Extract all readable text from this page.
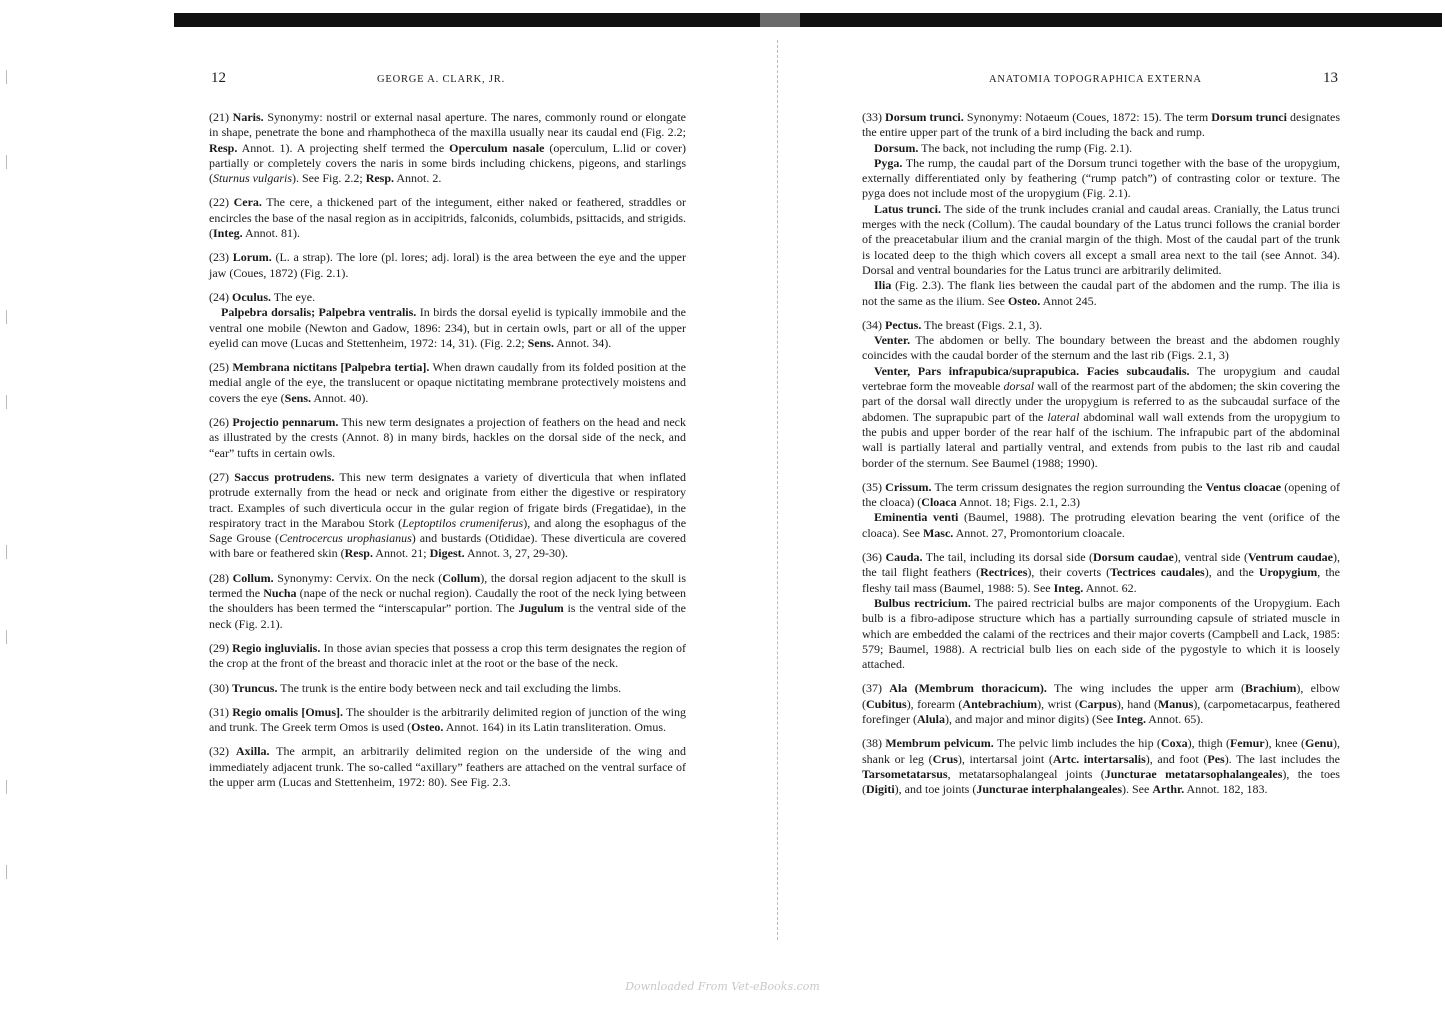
12	GEORGE A. CLARK, JR.

(21) Naris. Synonymy: nostril or external nasal aperture. The nares, commonly round or elongate in shape, penetrate the bone and rhamphotheca of the maxilla usually near its caudal end (Fig. 2.2; Resp. Annot. 1). A projecting shelf termed the Operculum nasale (operculum, L.lid or cover) partially or completely covers the naris in some birds including chickens, pigeons, and starlings (Sturnus vulgaris). See Fig. 2.2; Resp. Annot. 2.

(22) Cera. The cere, a thickened part of the integument, either naked or feathered, straddles or encircles the base of the nasal region as in accipitrids, falconids, columbids, psittacids, and strigids. (Integ. Annot. 81).

(23) Lorum. (L. a strap). The lore (pl. lores; adj. loral) is the area between the eye and the upper jaw (Coues, 1872) (Fig. 2.1).

(24) Oculus. The eye.

Palpebra dorsalis; Palpebra ventralis. In birds the dorsal eyelid is typically immobile and the ventral one mobile (Newton and Gadow, 1896: 234), but in certain owls, part or all of the upper eyelid can move (Lucas and Stettenheim, 1972: 14, 31). (Fig. 2.2; Sens. Annot. 34).

(25) Membrana nictitans [Palpebra tertia]. When drawn caudally from its folded position at the medial angle of the eye, the translucent or opaque nictitating membrane protectively moistens and covers the eye (Sens. Annot. 40).

(26) Projectio pennarum. This new term designates a projection of feathers on the head and neck as illustrated by the crests (Annot. 8) in many birds, hackles on the dorsal side of the neck, and “ear” tufts in certain owls.

(27) Saccus protrudens. This new term designates a variety of diverticula that when inflated protrude externally from the head or neck and originate from either the digestive or respiratory tract. Examples of such diverticula occur in the gular region of frigate birds (Fregatidae), in the respiratory tract in the Marabou Stork (Leptoptilos crumeniferus), and along the esophagus of the Sage Grouse (Centrocercus urophasianus) and bustards (Otididae). These diverticula are covered with bare or feathered skin (Resp. Annot. 21; Digest. Annot. 3, 27, 29-30).

(28) Collum. Synonymy: Cervix. On the neck (Collum), the dorsal region adjacent to the skull is termed the Nucha (nape of the neck or nuchal region). Caudally the root of the neck lying between the shoulders has been termed the “interscapular” portion. The Jugulum is the ventral side of the neck (Fig. 2.1).

(29) Regio ingluvialis. In those avian species that possess a crop this term designates the region of the crop at the front of the breast and thoracic inlet at the root or the base of the neck.

(30) Truncus. The trunk is the entire body between neck and tail excluding the limbs.

(31) Regio omalis [Omus]. The shoulder is the arbitrarily delimited region of junction of the wing and trunk. The Greek term Omos is used (Osteo. Annot. 164) in its Latin transliteration. Omus.

(32) Axilla. The armpit, an arbitrarily delimited region on the underside of the wing and immediately adjacent trunk. The so-called “axillary” feathers are attached on the ventral surface of the upper arm (Lucas and Stettenheim, 1972: 80). See Fig. 2.3.

ANATOMIA TOPOGRAPHICA EXTERNA	13

(33) Dorsum trunci. Synonymy: Notaeum (Coues, 1872: 15). The term Dorsum trunci designates the entire upper part of the trunk of a bird including the back and rump.

Dorsum. The back, not including the rump (Fig. 2.1).

Pyga. The rump, the caudal part of the Dorsum trunci together with the base of the uropygium, externally differentiated only by feathering (“rump patch”) of contrasting color or texture. The pyga does not include most of the uropygium (Fig. 2.1).

Latus trunci. The side of the trunk includes cranial and caudal areas. Cranially, the Latus trunci merges with the neck (Collum). The caudal boundary of the Latus trunci follows the cranial border of the preacetabular ilium and the cranial margin of the thigh. Most of the caudal part of the trunk is located deep to the thigh which covers all except a small area next to the tail (see Annot. 34). Dorsal and ventral boundaries for the Latus trunci are arbitrarily delimited.

Ilia (Fig. 2.3). The flank lies between the caudal part of the abdomen and the rump. The ilia is not the same as the ilium. See Osteo. Annot 245.

(34) Pectus. The breast (Figs. 2.1, 3).

Venter. The abdomen or belly. The boundary between the breast and the abdomen roughly coincides with the caudal border of the sternum and the last rib (Figs. 2.1, 3)

Venter, Pars infrapubica/suprapubica. Facies subcaudalis. The uropygium and caudal vertebrae form the moveable dorsal wall of the rearmost part of the abdomen; the skin covering the part of the dorsal wall directly under the uropygium is referred to as the subcaudal surface of the abdomen. The suprapubic part of the lateral abdominal wall wall extends from the uropygium to the pubis and upper border of the rear half of the ischium. The infrapubic part of the abdominal wall is partially lateral and partially ventral, and extends from pubis to the last rib and caudal border of the sternum. See Baumel (1988; 1990).

(35) Crissum. The term crissum designates the region surrounding the Ventus cloacae (opening of the cloaca) (Cloaca Annot. 18; Figs. 2.1, 2.3)

Eminentia venti (Baumel, 1988). The protruding elevation bearing the vent (orifice of the cloaca). See Masc. Annot. 27, Promontorium cloacale.

(36) Cauda. The tail, including its dorsal side (Dorsum caudae), ventral side (Ventrum caudae), the tail flight feathers (Rectrices), their coverts (Tectrices caudales), and the Uropygium, the fleshy tail mass (Baumel, 1988: 5). See Integ. Annot. 62.

Bulbus rectricium. The paired rectricial bulbs are major components of the Uropygium. Each bulb is a fibro-adipose structure which has a partially surrounding capsule of striated muscle in which are embedded the calami of the rectrices and their major coverts (Campbell and Lack, 1985: 579; Baumel, 1988). A rectricial bulb lies on each side of the pygostyle to which it is loosely attached.

(37) Ala (Membrum thoracicum). The wing includes the upper arm (Brachium), elbow (Cubitus), forearm (Antebrachium), wrist (Carpus), hand (Manus), (carpometacarpus, feathered forefinger (Alula), and major and minor digits) (See Integ. Annot. 65).

(38) Membrum pelvicum. The pelvic limb includes the hip (Coxa), thigh (Femur), knee (Genu), shank or leg (Crus), intertarsal joint (Artc. intertarsalis), and foot (Pes). The last includes the Tarsometatarsus, metatarsophalangeal joints (Juncturae metatarsophalangeales), the toes (Digiti), and toe joints (Juncturae interphalangeales). See Arthr. Annot. 182, 183.

Downloaded From Vet-eBooks.com
